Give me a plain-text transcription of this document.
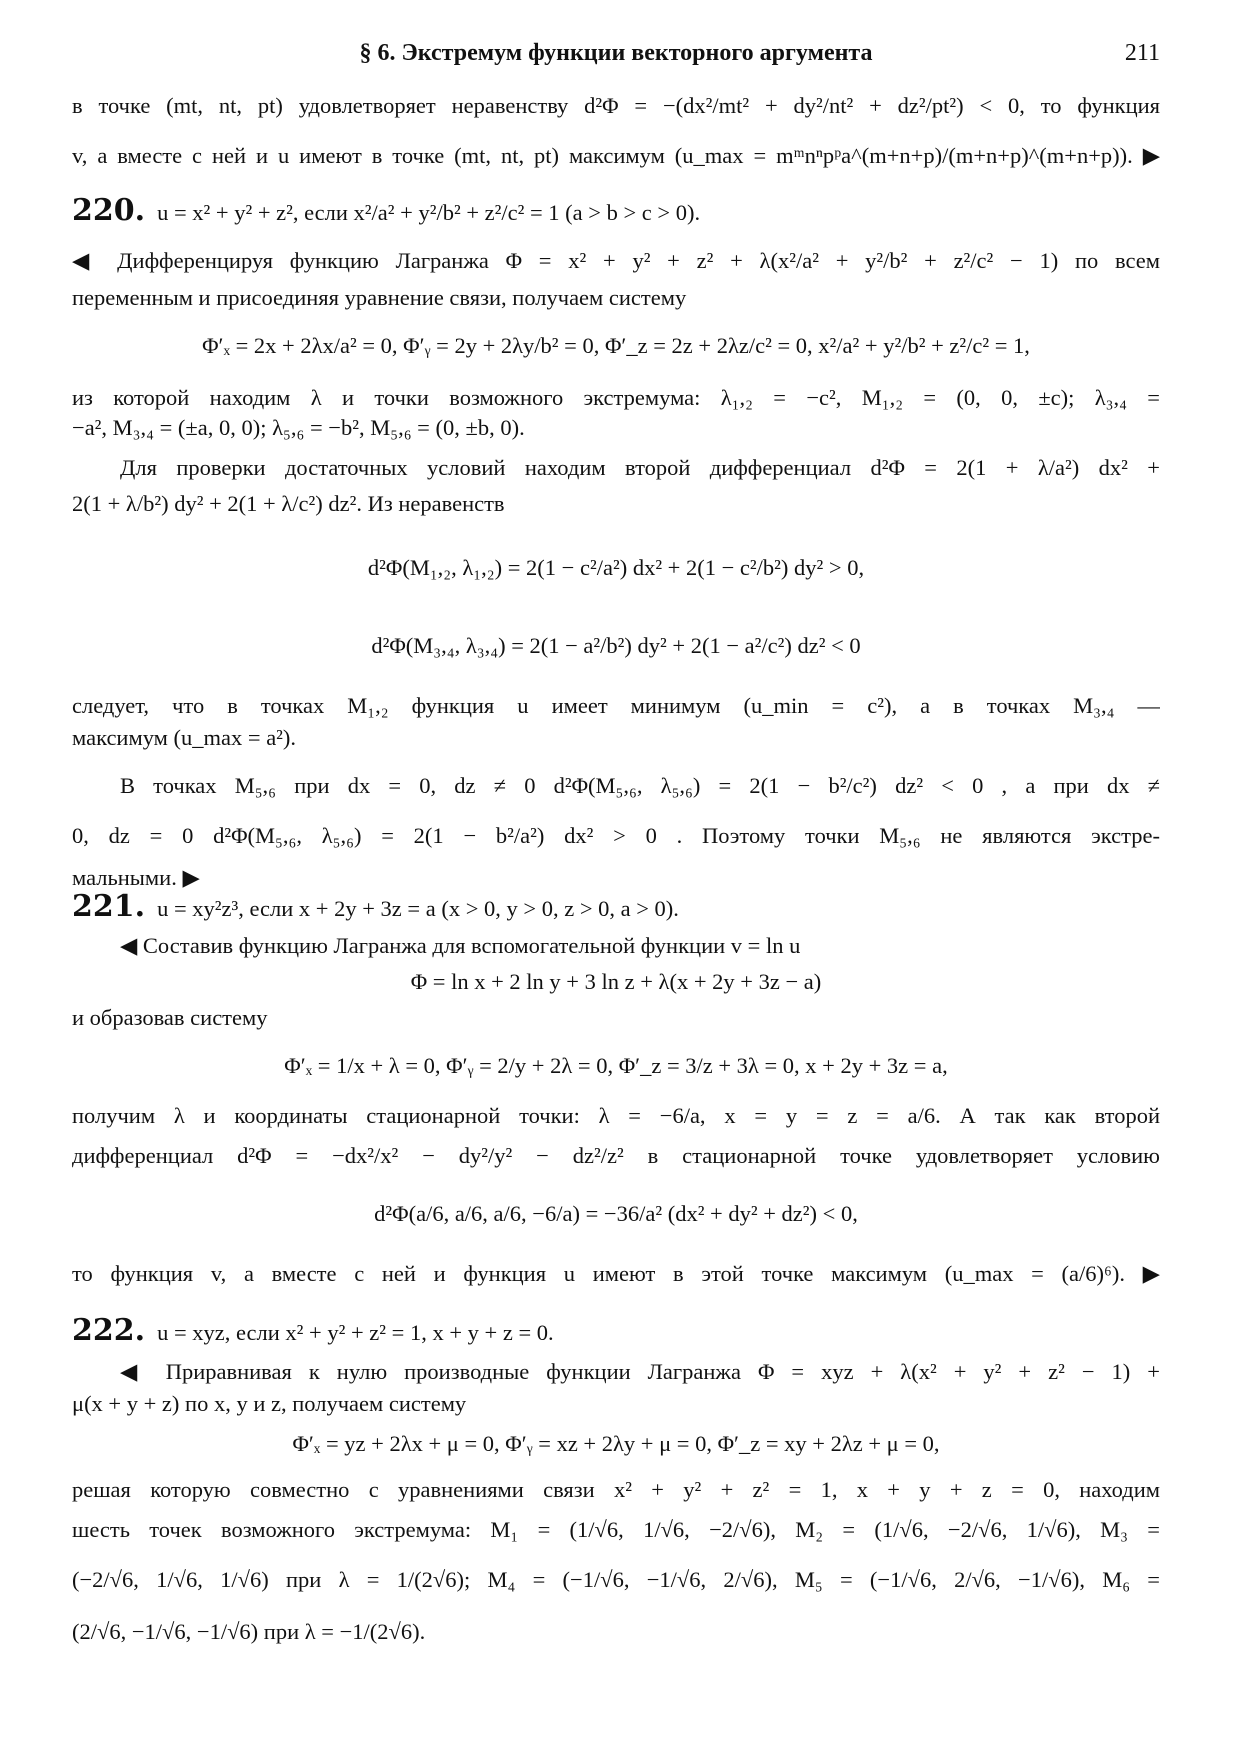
§ 6. Экстремум функции векторного аргумента	211
в точке (mt, nt, pt) удовлетворяет неравенству d²Φ = −(dx²/mt² + dy²/nt² + dz²/pt²) < 0, то функция
v, а вместе с ней и u имеют в точке (mt, nt, pt) максимум (u_max = mᵐnⁿpᵖa^(m+n+p)/(m+n+p)^(m+n+p)). ▶
220. u = x² + y² + z², если x²/a² + y²/b² + z²/c² = 1 (a > b > c > 0).
◀ Дифференцируя функцию Лагранжа Φ = x² + y² + z² + λ(x²/a² + y²/b² + z²/c² − 1) по всем
переменным и присоединяя уравнение связи, получаем систему
Φ′ₓ = 2x + 2λx/a² = 0, Φ′ᵧ = 2y + 2λy/b² = 0, Φ′_z = 2z + 2λz/c² = 0, x²/a² + y²/b² + z²/c² = 1,
из которой находим λ и точки возможного экстремума: λ₁,₂ = −c², M₁,₂ = (0, 0, ±c); λ₃,₄ =
−a², M₃,₄ = (±a, 0, 0); λ₅,₆ = −b², M₅,₆ = (0, ±b, 0).
Для проверки достаточных условий находим второй дифференциал d²Φ = 2(1 + λ/a²) dx² +
2(1 + λ/b²) dy² + 2(1 + λ/c²) dz². Из неравенств
d²Φ(M₁,₂, λ₁,₂) = 2(1 − c²/a²) dx² + 2(1 − c²/b²) dy² > 0,
d²Φ(M₃,₄, λ₃,₄) = 2(1 − a²/b²) dy² + 2(1 − a²/c²) dz² < 0
следует, что в точках M₁,₂ функция u имеет минимум (u_min = c²), а в точках M₃,₄ —
максимум (u_max = a²).
В точках M₅,₆ при dx = 0, dz ≠ 0 d²Φ(M₅,₆, λ₅,₆) = 2(1 − b²/c²) dz² < 0 , а при dx ≠
0, dz = 0 d²Φ(M₅,₆, λ₅,₆) = 2(1 − b²/a²) dx² > 0 . Поэтому точки M₅,₆ не являются экстре-
мальными. ▶
221. u = xy²z³, если x + 2y + 3z = a (x > 0, y > 0, z > 0, a > 0).
◀ Составив функцию Лагранжа для вспомогательной функции v = ln u
Φ = ln x + 2 ln y + 3 ln z + λ(x + 2y + 3z − a)
и образовав систему
Φ′ₓ = 1/x + λ = 0, Φ′ᵧ = 2/y + 2λ = 0, Φ′_z = 3/z + 3λ = 0, x + 2y + 3z = a,
получим λ и координаты стационарной точки: λ = −6/a, x = y = z = a/6. А так как второй
дифференциал d²Φ = −dx²/x² − dy²/y² − dz²/z² в стационарной точке удовлетворяет условию
d²Φ(a/6, a/6, a/6, −6/a) = −36/a² (dx² + dy² + dz²) < 0,
то функция v, а вместе с ней и функция u имеют в этой точке максимум (u_max = (a/6)⁶). ▶
222. u = xyz, если x² + y² + z² = 1, x + y + z = 0.
◀ Приравнивая к нулю производные функции Лагранжа Φ = xyz + λ(x² + y² + z² − 1) +
μ(x + y + z) по x, y и z, получаем систему
Φ′ₓ = yz + 2λx + μ = 0, Φ′ᵧ = xz + 2λy + μ = 0, Φ′_z = xy + 2λz + μ = 0,
решая которую совместно с уравнениями связи x² + y² + z² = 1, x + y + z = 0, находим
шесть точек возможного экстремума: M₁ = (1/√6, 1/√6, −2/√6), M₂ = (1/√6, −2/√6, 1/√6), M₃ =
(−2/√6, 1/√6, 1/√6) при λ = 1/(2√6); M₄ = (−1/√6, −1/√6, 2/√6), M₅ = (−1/√6, 2/√6, −1/√6), M₆ =
(2/√6, −1/√6, −1/√6) при λ = −1/(2√6).
